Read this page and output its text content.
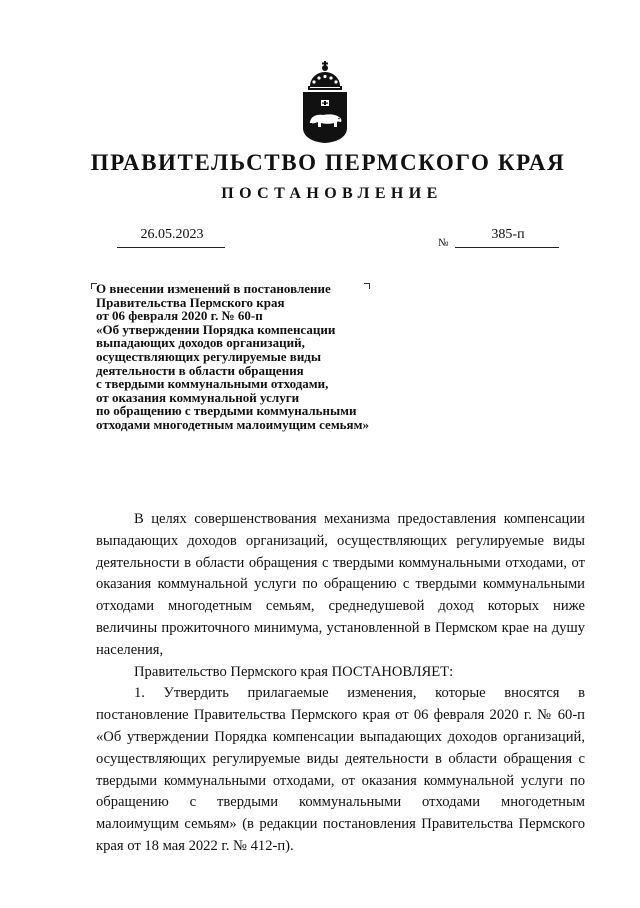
ПРАВИТЕЛЬСТВО ПЕРМСКОГО КРАЯ
ПОСТАНОВЛЕНИЕ
26.05.2023
№
385-п
О внесении изменений в постановление
Правительства Пермского края
от 06 февраля 2020 г. № 60-п
«Об утверждении Порядка компенсации
выпадающих доходов организаций,
осуществляющих регулируемые виды
деятельности в области обращения
с твердыми коммунальными отходами,
от оказания коммунальной услуги
по обращению с твердыми коммунальными
отходами многодетным малоимущим семьям»

В целях совершенствования механизма предоставления компенсации выпадающих доходов организаций, осуществляющих регулируемые виды деятельности в области обращения с твердыми коммунальными отходами, от оказания коммунальной услуги по обращению с твердыми коммунальными отходами многодетным семьям, среднедушевой доход которых ниже величины прожиточного минимума, установленной в Пермском крае на душу населения,

Правительство Пермского края ПОСТАНОВЛЯЕТ:

1. Утвердить прилагаемые изменения, которые вносятся в постановление Правительства Пермского края от 06 февраля 2020 г. № 60-п «Об утверждении Порядка компенсации выпадающих доходов организаций, осуществляющих регулируемые виды деятельности в области обращения с твердыми коммунальными отходами, от оказания коммунальной услуги по обращению с твердыми коммунальными отходами многодетным малоимущим семьям» (в редакции постановления Правительства Пермского края от 18 мая 2022 г. № 412-п).
